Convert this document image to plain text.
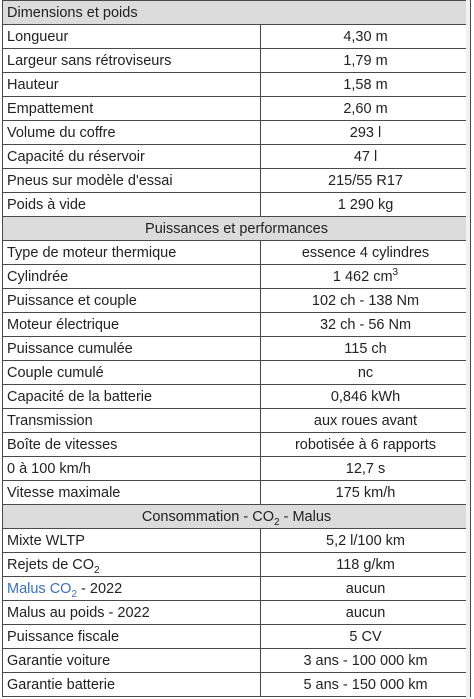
Dimensions et poids	
Longueur	4,30 m
Largeur sans rétroviseurs	1,79 m
Hauteur	1,58 m
Empattement	2,60 m
Volume du coffre	293 l
Capacité du réservoir	47 l
Pneus sur modèle d'essai	215/55 R17
Poids à vide	1 290 kg
Puissances et performances	
Type de moteur thermique	essence 4 cylindres
Cylindrée	1 462 $cm^3$
Puissance et couple	102 ch - 138 Nm
Moteur électrique	32 ch - 56 Nm
Puissance cumulée	115 ch
Couple cumulé	nc
Capacité de la batterie	0,846 kWh
Transmission	aux roues avant
Boîte de vitesses	robotisée à 6 rapports
0 à 100 km/h	12,7 s
Vitesse maximale	175 km/h
Consommation - $CO_2$ - Malus	
Mixte WLTP	5,2 l/100 km
Rejets de $CO_2$	118 g/km
Malus $CO_2 - 2022$	aucun
Malus au poids - 2022	aucun
Puissance fiscale	5 CV
Garantie voiture	3 ans - 100 000 km
Garantie batterie	5 ans - 150 000 km
